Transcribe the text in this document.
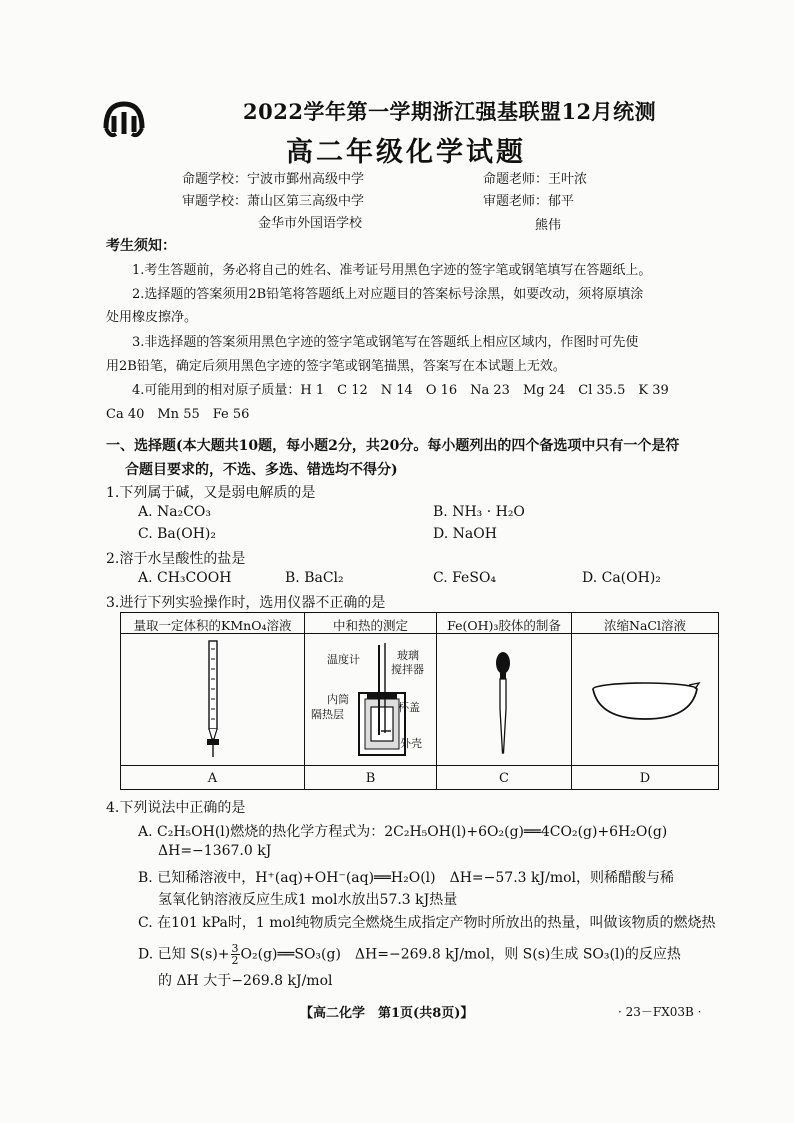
2022学年第一学期浙江强基联盟12月统测
高二年级化学试题
命题学校：宁波市鄞州高级中学	命题老师：王叶浓
审题学校：萧山区第三高级中学	审题老师：郁平
金华市外国语学校	熊伟
考生须知：
1.考生答题前，务必将自己的姓名、准考证号用黑色字迹的签字笔或钢笔填写在答题纸上。
2.选择题的答案须用2B铅笔将答题纸上对应题目的答案标号涂黑，如要改动，须将原填涂
处用橡皮擦净。
3.非选择题的答案须用黑色字迹的签字笔或钢笔写在答题纸上相应区域内，作图时可先使
用2B铅笔，确定后须用黑色字迹的签字笔或钢笔描黑，答案写在本试题上无效。
4.可能用到的相对原子质量：H 1　C 12　N 14　O 16　Na 23　Mg 24　Cl 35.5　K 39
Ca 40　Mn 55　Fe 56
一、选择题(本大题共10题，每小题2分，共20分。每小题列出的四个备选项中只有一个是符
合题目要求的，不选、多选、错选均不得分)
1.下列属于碱，又是弱电解质的是
A. Na₂CO₃	B. NH₃ · H₂O
C. Ba(OH)₂	D. NaOH
2.溶于水呈酸性的盐是
A. CH₃COOH	B. BaCl₂	C. FeSO₄	D. Ca(OH)₂
3.进行下列实验操作时，选用仪器不正确的是
量取一定体积的KMnO₄溶液	中和热的测定	Fe(OH)₃胶体的制备	浓缩NaCl溶液
温度计	玻璃
搅拌器
内筒
隔热层
杯盖
外壳
A	B	C	D
4.下列说法中正确的是
A. C₂H₅OH(l)燃烧的热化学方程式为：2C₂H₅OH(l)+6O₂(g)══4CO₂(g)+6H₂O(g)
ΔH=−1367.0 kJ
B. 已知稀溶液中，H⁺(aq)+OH⁻(aq)══H₂O(l)　ΔH=−57.3 kJ/mol，则稀醋酸与稀
氢氧化钠溶液反应生成1 mol水放出57.3 kJ热量
C. 在101 kPa时，1 mol纯物质完全燃烧生成指定产物时所放出的热量，叫做该物质的燃烧热
D. 已知 $S(s)+ \frac{3}{2}$ O₂(g)══SO₃(g)　ΔH=−269.8 kJ/mol，则 S(s)生成 SO₃(l)的反应热
的 ΔH 大于−269.8 kJ/mol
【高二化学　第1页(共8页)】	· 23－FX03B ·
